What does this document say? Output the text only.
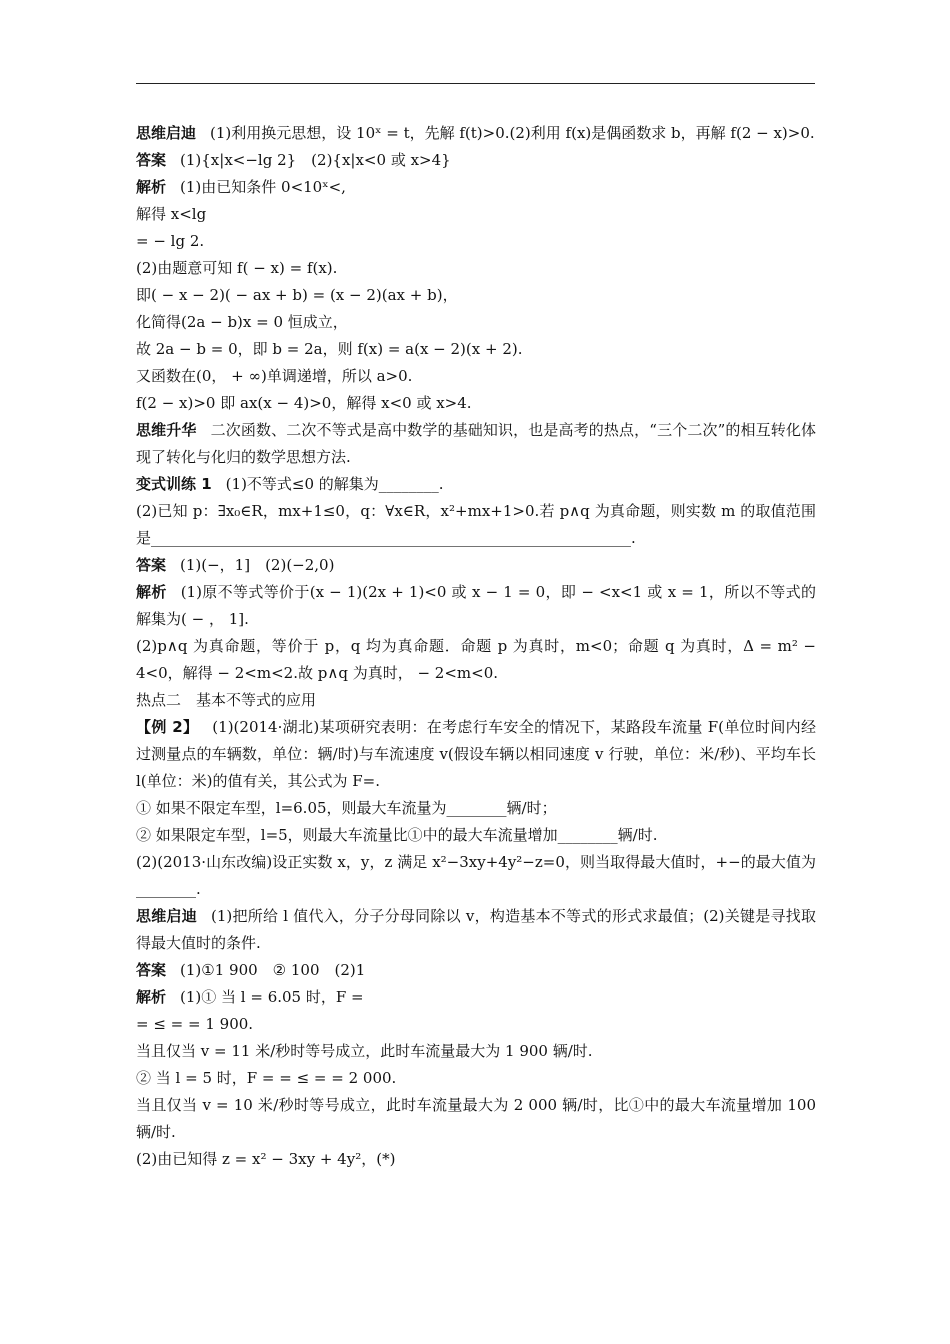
思维启迪 (1)利用换元思想，设 10ˣ = t，先解 f(t)>0.(2)利用 f(x)是偶函数求 b，再解 f(2 − x)>0.
答案 (1){x|x<−lg 2}　(2){x|x<0 或 x>4}
解析 (1)由已知条件 0<10ˣ<,
解得 x<lg
= − lg 2.
(2)由题意可知 f( − x) = f(x).
即( − x − 2)( − ax + b) = (x − 2)(ax + b)，
化简得(2a − b)x = 0 恒成立，
故 2a − b = 0，即 b = 2a，则 f(x) = a(x − 2)(x + 2).
又函数在(0， + ∞)单调递增，所以 a>0.
f(2 − x)>0 即 ax(x − 4)>0，解得 x<0 或 x>4.
思维升华 二次函数、二次不等式是高中数学的基础知识，也是高考的热点，“三个二次”的相互转化体现了转化与化归的数学思想方法.
变式训练 1 (1)不等式≤0 的解集为________.
(2)已知 p：∃x₀∈R，mx+1≤0，q：∀x∈R，x²+mx+1>0.若 p∧q 为真命题，则实数 m 的取值范围是________________________________________________________________.
答案 (1)(−，1]　(2)(−2,0)
解析 (1)原不等式等价于(x − 1)(2x + 1)<0 或 x − 1 = 0，即 − <x<1 或 x = 1，所以不等式的解集为( − ， 1].
(2)p∧q 为真命题，等价于 p，q 均为真命题．命题 p 为真时，m<0；命题 q 为真时，Δ = m² − 4<0，解得 − 2<m<2.故 p∧q 为真时， − 2<m<0.
热点二　基本不等式的应用
【例 2】 (1)(2014·湖北)某项研究表明：在考虑行车安全的情况下，某路段车流量 F(单位时间内经过测量点的车辆数，单位：辆/时)与车流速度 v(假设车辆以相同速度 v 行驶，单位：米/秒)、平均车长 l(单位：米)的值有关，其公式为 F=.
① 如果不限定车型，l=6.05，则最大车流量为________辆/时；
② 如果限定车型，l=5，则最大车流量比①中的最大车流量增加________辆/时.
(2)(2013·山东改编)设正实数 x，y，z 满足 x²−3xy+4y²−z=0，则当取得最大值时，+−的最大值为________.
思维启迪 (1)把所给 l 值代入，分子分母同除以 v，构造基本不等式的形式求最值；(2)关键是寻找取得最大值时的条件.
答案 (1)①1 900　② 100　(2)1
解析 (1)① 当 l = 6.05 时，F =
= ≤ = = 1 900.
当且仅当 v = 11 米/秒时等号成立，此时车流量最大为 1 900 辆/时.
② 当 l = 5 时，F = = ≤ = = 2 000.
当且仅当 v = 10 米/秒时等号成立，此时车流量最大为 2 000 辆/时，比①中的最大车流量增加 100 辆/时.
(2)由已知得 z = x² − 3xy + 4y²，(*)
